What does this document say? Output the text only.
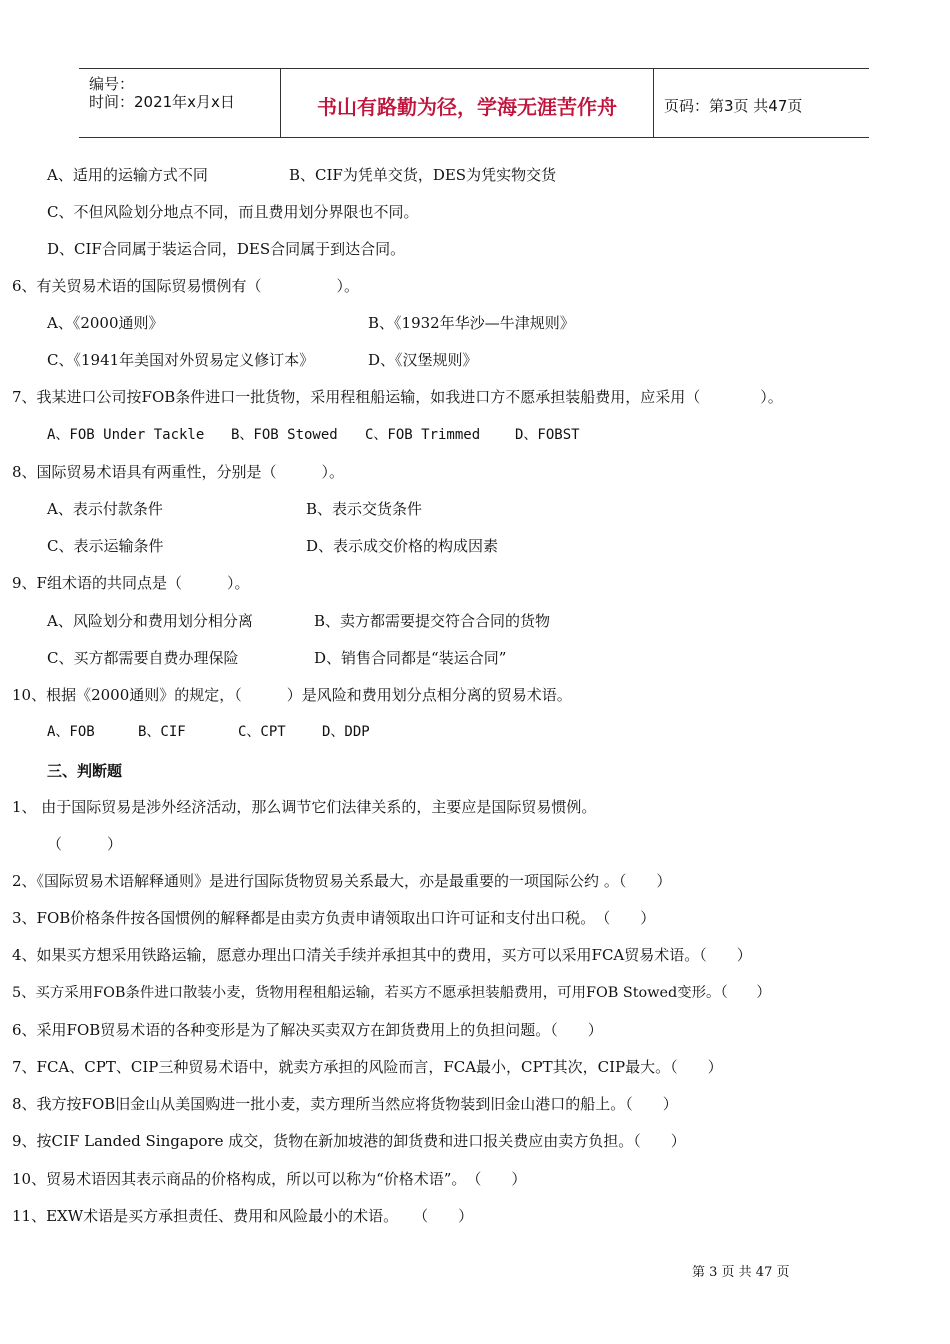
编号：
时间：2021年x月x日	书山有路勤为径，学海无涯苦作舟	页码：第3页 共47页
A、适用的运输方式不同	B、CIF为凭单交货，DES为凭实物交货
C、不但风险划分地点不同，而且费用划分界限也不同。
D、CIF合同属于装运合同，DES合同属于到达合同。
6、有关贸易术语的国际贸易惯例有（　　　　　）。
A、《2000通则》	B、《1932年华沙—牛津规则》
C、《1941年美国对外贸易定义修订本》	D、《汉堡规则》
7、我某进口公司按FOB条件进口一批货物，采用程租船运输，如我进口方不愿承担装船费用，应采用（　　　　）。
A、FOB Under Tackle B、FOB Stowed C、FOB Trimmed D、FOBST
8、国际贸易术语具有两重性，分别是（　　　）。
A、表示付款条件	B、表示交货条件
C、表示运输条件	D、表示成交价格的构成因素
9、F组术语的共同点是（　　　）。
A、风险划分和费用划分相分离	B、卖方都需要提交符合合同的货物
C、买方都需要自费办理保险	D、销售合同都是“装运合同”
10、根据《2000通则》的规定，（　　　）是风险和费用划分点相分离的贸易术语。
A、FOB	B、CIF	C、CPT	D、DDP
三、判断题
1、 由于国际贸易是涉外经济活动，那么调节它们法律关系的，主要应是国际贸易惯例。
（　　　）
2、《国际贸易术语解释通则》是进行国际货物贸易关系最大，亦是最重要的一项国际公约 。（　　）
3、FOB价格条件按各国惯例的解释都是由卖方负责申请领取出口许可证和支付出口税。　（　　）
4、如果买方想采用铁路运输，愿意办理出口清关手续并承担其中的费用，买方可以采用FCA贸易术语。（　　）
5、买方采用FOB条件进口散装小麦，货物用程租船运输，若买方不愿承担装船费用，可用FOB Stowed变形。（　　）
6、采用FOB贸易术语的各种变形是为了解决买卖双方在卸货费用上的负担问题。（　　）
7、FCA、CPT、CIP三种贸易术语中，就卖方承担的风险而言，FCA最小，CPT其次，CIP最大。（　　）
8、我方按FOB旧金山从美国购进一批小麦，卖方理所当然应将货物装到旧金山港口的船上。（　　）
9、按CIF Landed Singapore 成交，货物在新加坡港的卸货费和进口报关费应由卖方负担。（　　）
10、贸易术语因其表示商品的价格构成，所以可以称为“价格术语”。　（　　）
11、EXW术语是买方承担责任、费用和风险最小的术语。　　（　　）
第 3 页 共 47 页
